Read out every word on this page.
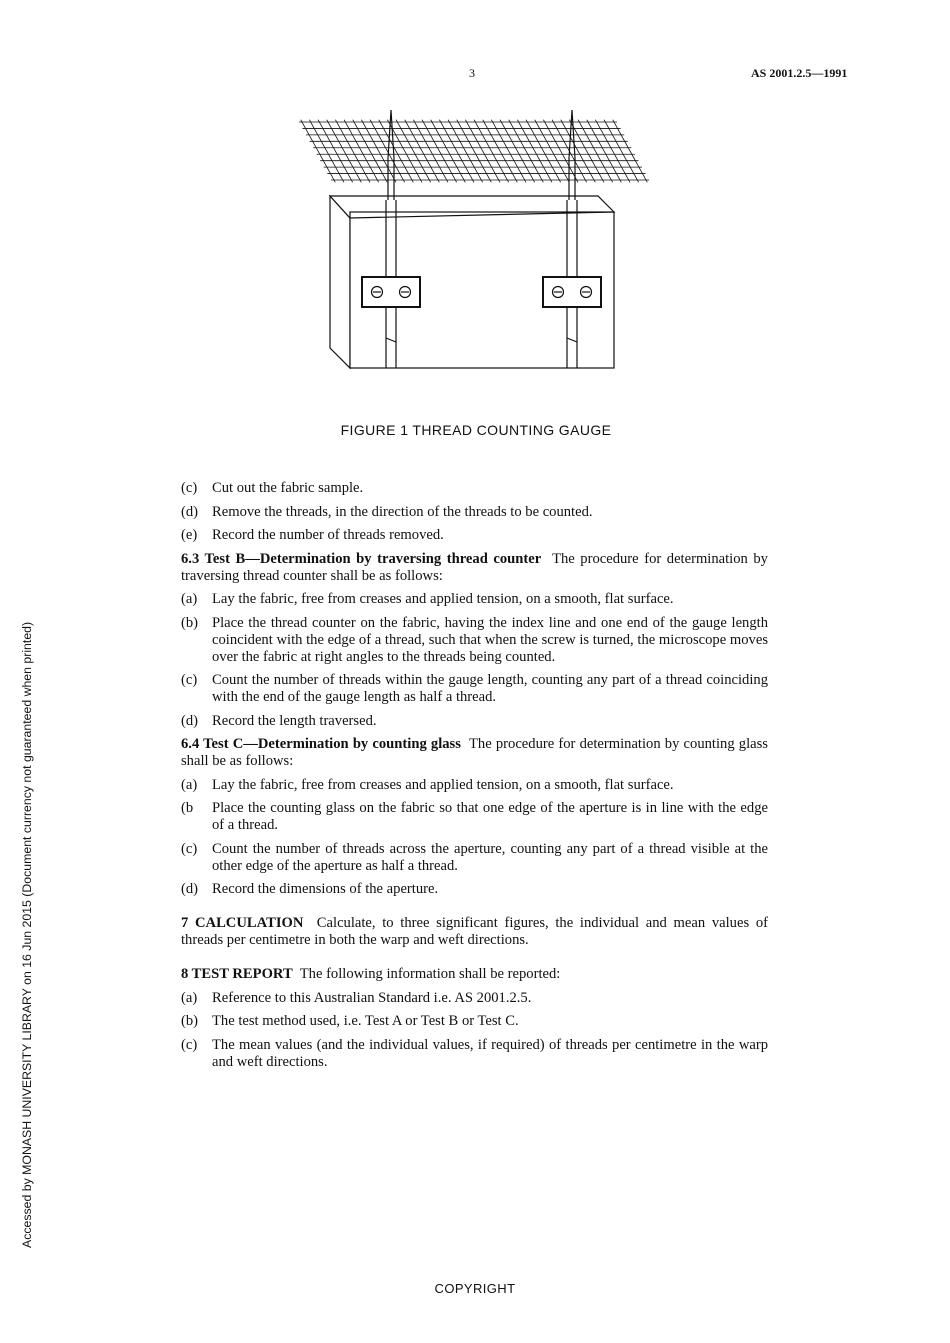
3	AS 2001.2.5—1991
FIGURE 1 THREAD COUNTING GAUGE
(c) Cut out the fabric sample.
(d) Remove the threads, in the direction of the threads to be counted.
(e) Record the number of threads removed.
6.3 Test B—Determination by traversing thread counter The procedure for determination by traversing thread counter shall be as follows:
(a) Lay the fabric, free from creases and applied tension, on a smooth, flat surface.
(b) Place the thread counter on the fabric, having the index line and one end of the gauge length coincident with the edge of a thread, such that when the screw is turned, the microscope moves over the fabric at right angles to the threads being counted.
(c) Count the number of threads within the gauge length, counting any part of a thread coinciding with the end of the gauge length as half a thread.
(d) Record the length traversed.
6.4 Test C—Determination by counting glass The procedure for determination by counting glass shall be as follows:
(a) Lay the fabric, free from creases and applied tension, on a smooth, flat surface.
(b Place the counting glass on the fabric so that one edge of the aperture is in line with the edge of a thread.
(c) Count the number of threads across the aperture, counting any part of a thread visible at the other edge of the aperture as half a thread.
(d) Record the dimensions of the aperture.
7 CALCULATION Calculate, to three significant figures, the individual and mean values of threads per centimetre in both the warp and weft directions.
8 TEST REPORT The following information shall be reported:
(a) Reference to this Australian Standard i.e. AS 2001.2.5.
(b) The test method used, i.e. Test A or Test B or Test C.
(c) The mean values (and the individual values, if required) of threads per centimetre in the warp and weft directions.
Accessed by MONASH UNIVERSITY LIBRARY on 16 Jun 2015 (Document currency not guaranteed when printed)
COPYRIGHT
